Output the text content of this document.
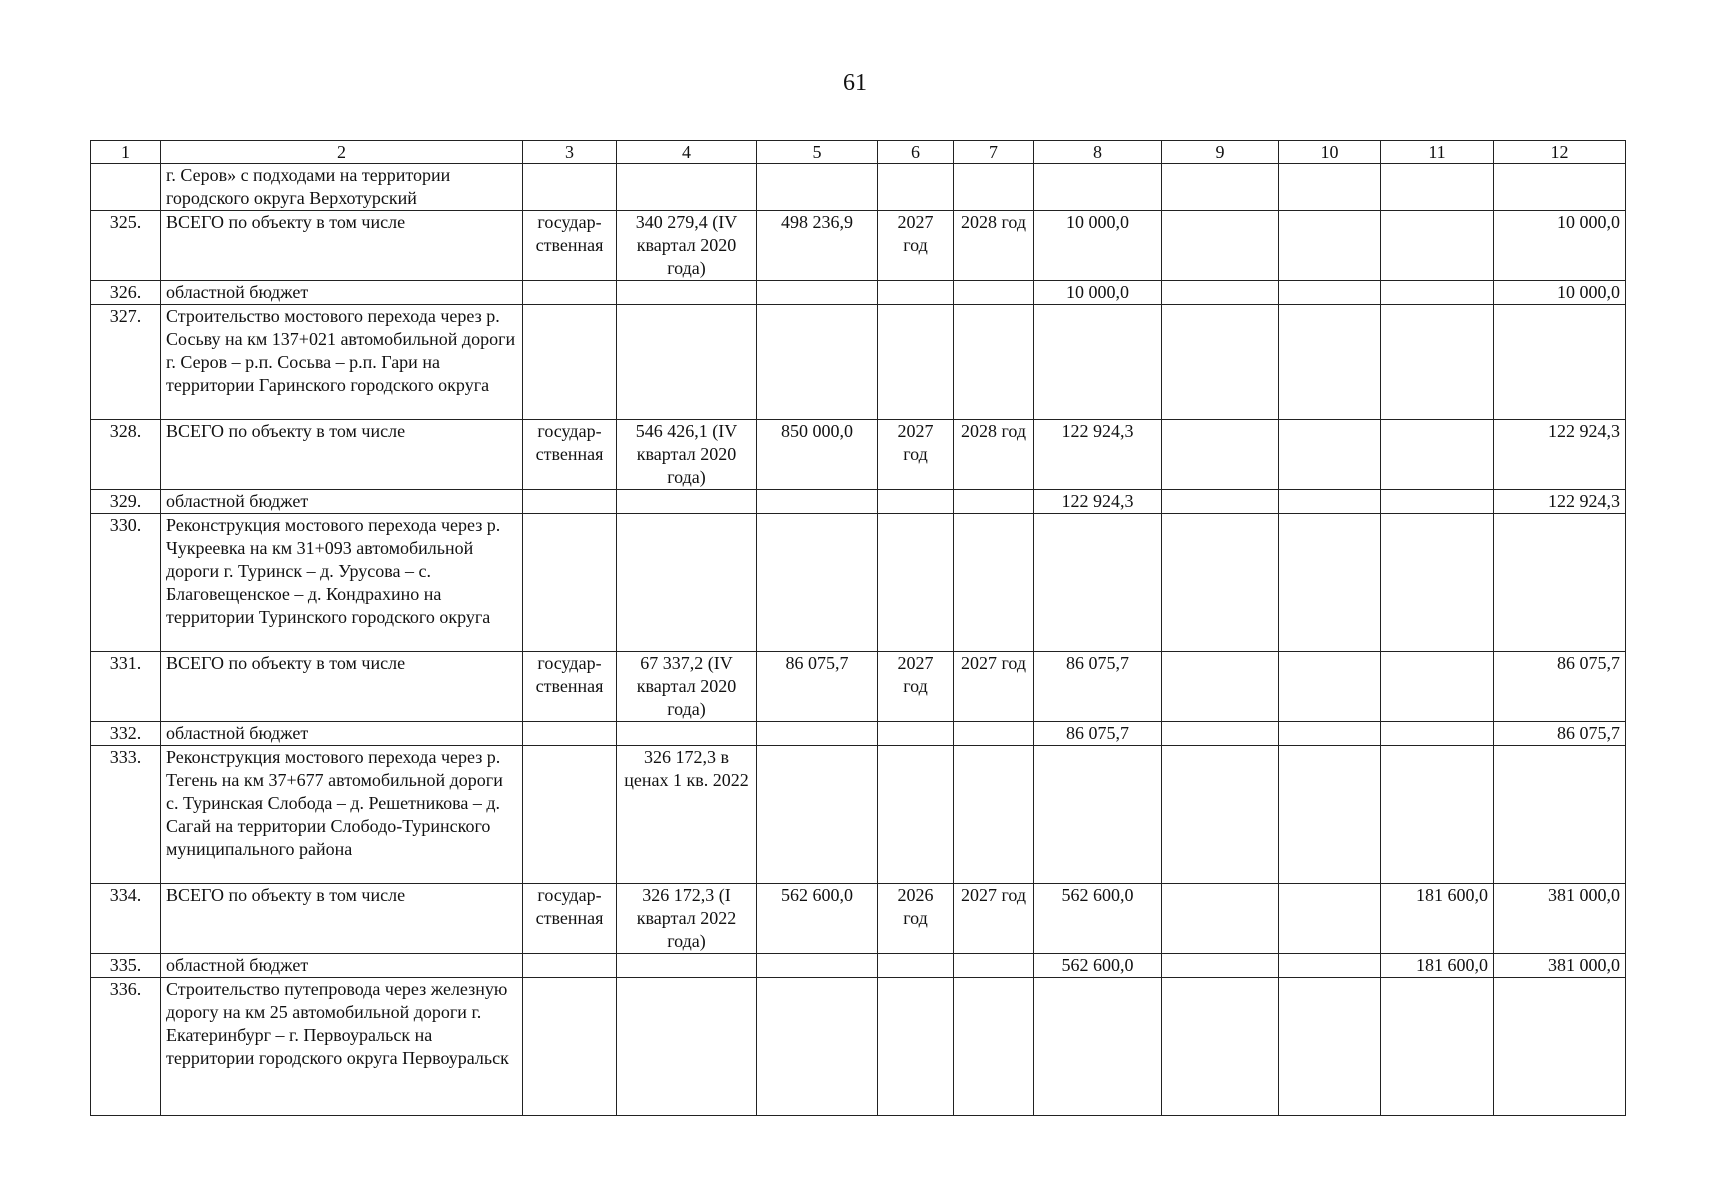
61
1	2	3	4	5	6	7	8	9	10	11	12
	г. Серов» с подходами на территории городского округа Верхотурский										
325.	ВСЕГО по объекту в том числе	государ-ственная	340 279,4 (IV квартал 2020 года)	498 236,9	2027 год	2028 год	10 000,0				10 000,0
326.	областной бюджет						10 000,0				10 000,0
327.	Строительство мостового перехода через р. Сосьву на км 137+021 автомобильной дороги г. Серов – р.п. Сосьва – р.п. Гари на территории Гаринского городского округа										
328.	ВСЕГО по объекту в том числе	государ-ственная	546 426,1 (IV квартал 2020 года)	850 000,0	2027 год	2028 год	122 924,3				122 924,3
329.	областной бюджет						122 924,3				122 924,3
330.	Реконструкция мостового перехода через р. Чукреевка на км 31+093 автомобильной дороги г. Туринск – д. Урусова – с. Благовещенское – д. Кондрахино на территории Туринского городского округа										
331.	ВСЕГО по объекту в том числе	государ-ственная	67 337,2 (IV квартал 2020 года)	86 075,7	2027 год	2027 год	86 075,7				86 075,7
332.	областной бюджет						86 075,7				86 075,7
333.	Реконструкция мостового перехода через р. Тегень на км 37+677 автомобильной дороги с. Туринская Слобода – д. Решетникова – д. Сагай на территории Слободо-Туринского муниципального района		326 172,3 в ценах 1 кв. 2022								
334.	ВСЕГО по объекту в том числе	государ-ственная	326 172,3 (I квартал 2022 года)	562 600,0	2026 год	2027 год	562 600,0			181 600,0	381 000,0
335.	областной бюджет						562 600,0			181 600,0	381 000,0
336.	Строительство путепровода через железную дорогу на км 25 автомобильной дороги г. Екатеринбург – г. Первоуральск на территории городского округа Первоуральск										
